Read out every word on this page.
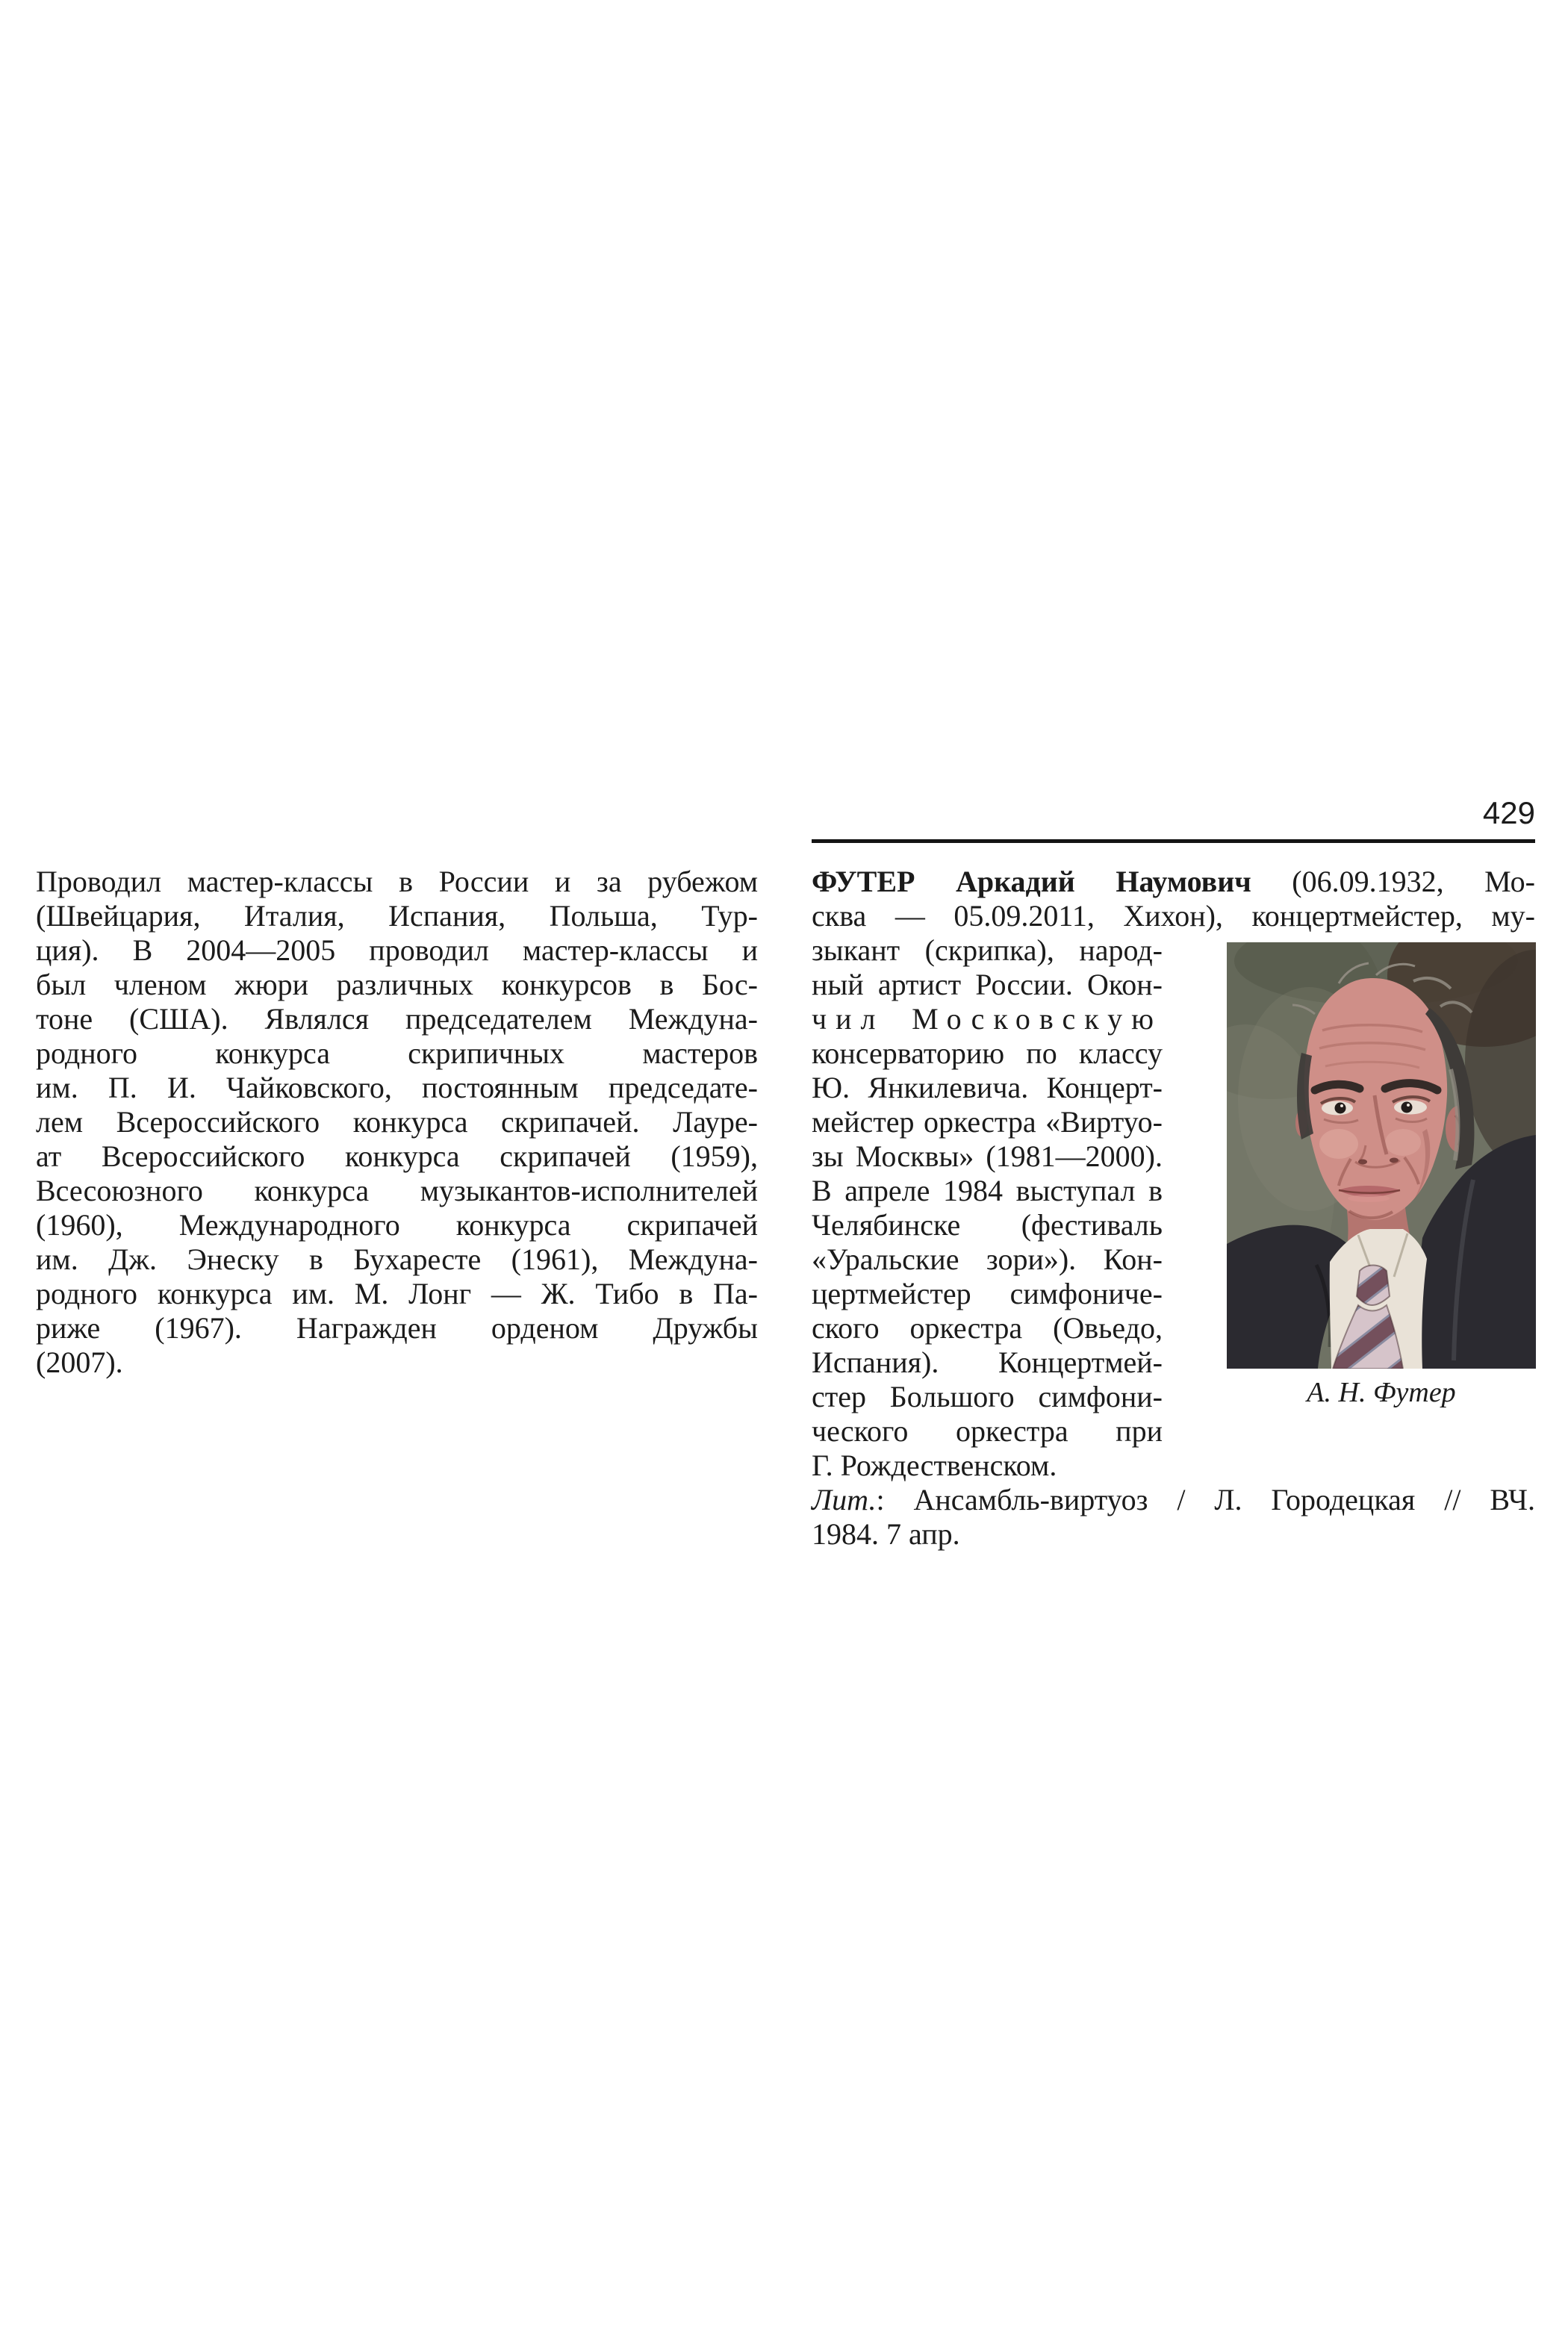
429
Проводил мастер-классы в России и за рубежом
(Швейцария, Италия, Испания, Польша, Тур-
ция). В 2004—2005 проводил мастер-классы и
был членом жюри различных конкурсов в Бос-
тоне (США). Являлся председателем Междуна-
родного конкурса скрипичных мастеров
им. П. И. Чайковского, постоянным председате-
лем Всероссийского конкурса скрипачей. Лауре-
ат Всероссийского конкурса скрипачей (1959),
Всесоюзного конкурса музыкантов-исполнителей
(1960), Международного конкурса скрипачей
им. Дж. Энеску в Бухаресте (1961), Междуна-
родного конкурса им. М. Лонг — Ж. Тибо в Па-
риже (1967). Награжден орденом Дружбы
(2007).
ФУТЕР Аркадий Наумович (06.09.1932, Мо-
сква — 05.09.2011, Хихон), концертмейстер, му-
зыкант (скрипка), народ-
ный артист России. Окон-
чил Московскую
консерваторию по классу
Ю. Янкилевича. Концерт-
мейстер оркестра «Виртуо-
зы Москвы» (1981—2000).
В апреле 1984 выступал в
Челябинске (фестиваль
«Уральские зори»). Кон-
цертмейстер симфониче-
ского оркестра (Овьедо,
Испания). Концертмей-
стер Большого симфони-
ческого оркестра при
Г. Рождественском.
Лит.: Ансамбль-виртуоз / Л. Городецкая // ВЧ.
1984. 7 апр.
А. Н. Футер
